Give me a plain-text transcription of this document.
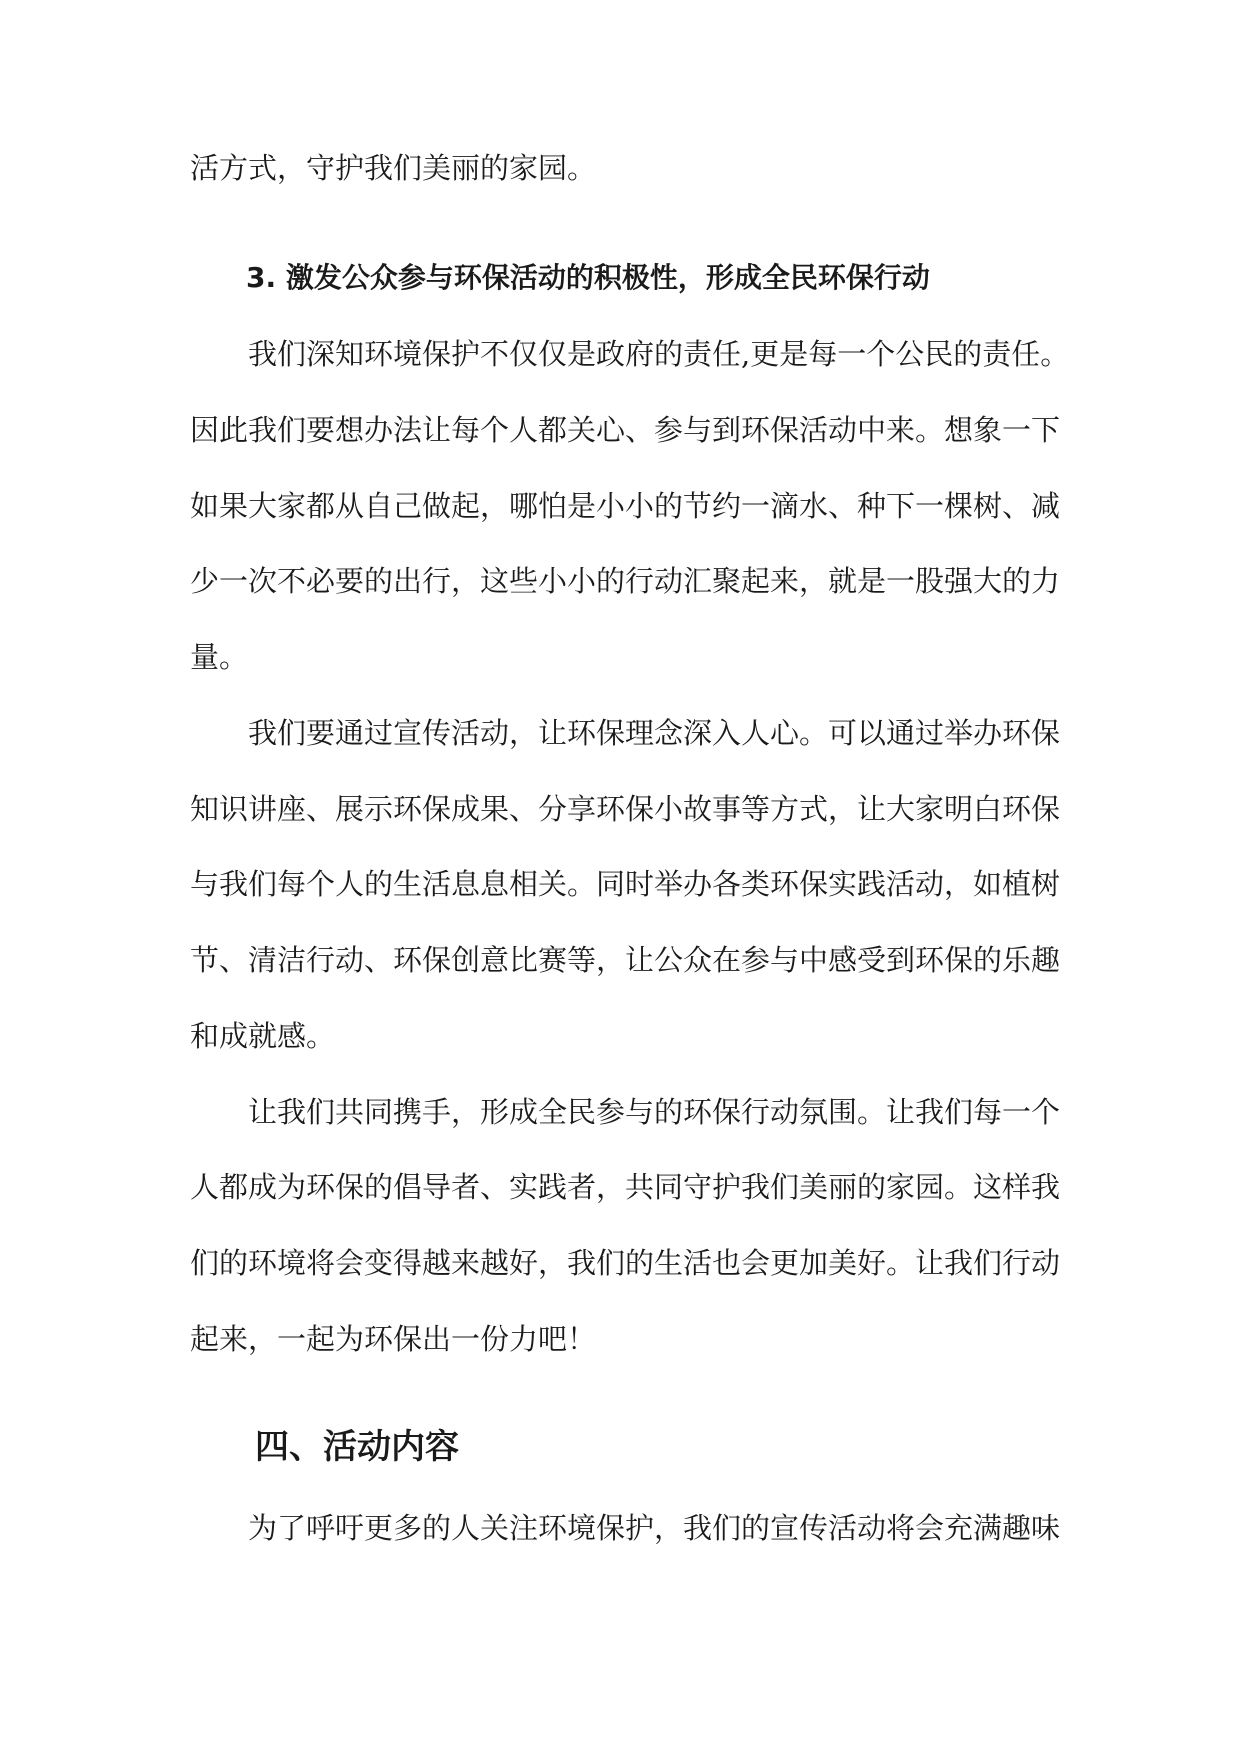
活方式，守护我们美丽的家园。
3. 激发公众参与环保活动的积极性，形成全民环保行动
我们深知环境保护不仅仅是政府的责任,更是每一个公民的责任。
因此我们要想办法让每个人都关心、参与到环保活动中来。想象一下
如果大家都从自己做起，哪怕是小小的节约一滴水、种下一棵树、减
少一次不必要的出行，这些小小的行动汇聚起来，就是一股强大的力
量。
我们要通过宣传活动，让环保理念深入人心。可以通过举办环保
知识讲座、展示环保成果、分享环保小故事等方式，让大家明白环保
与我们每个人的生活息息相关。同时举办各类环保实践活动，如植树
节、清洁行动、环保创意比赛等，让公众在参与中感受到环保的乐趣
和成就感。
让我们共同携手，形成全民参与的环保行动氛围。让我们每一个
人都成为环保的倡导者、实践者，共同守护我们美丽的家园。这样我
们的环境将会变得越来越好，我们的生活也会更加美好。让我们行动
起来，一起为环保出一份力吧！
四、活动内容
为了呼吁更多的人关注环境保护，我们的宣传活动将会充满趣味
